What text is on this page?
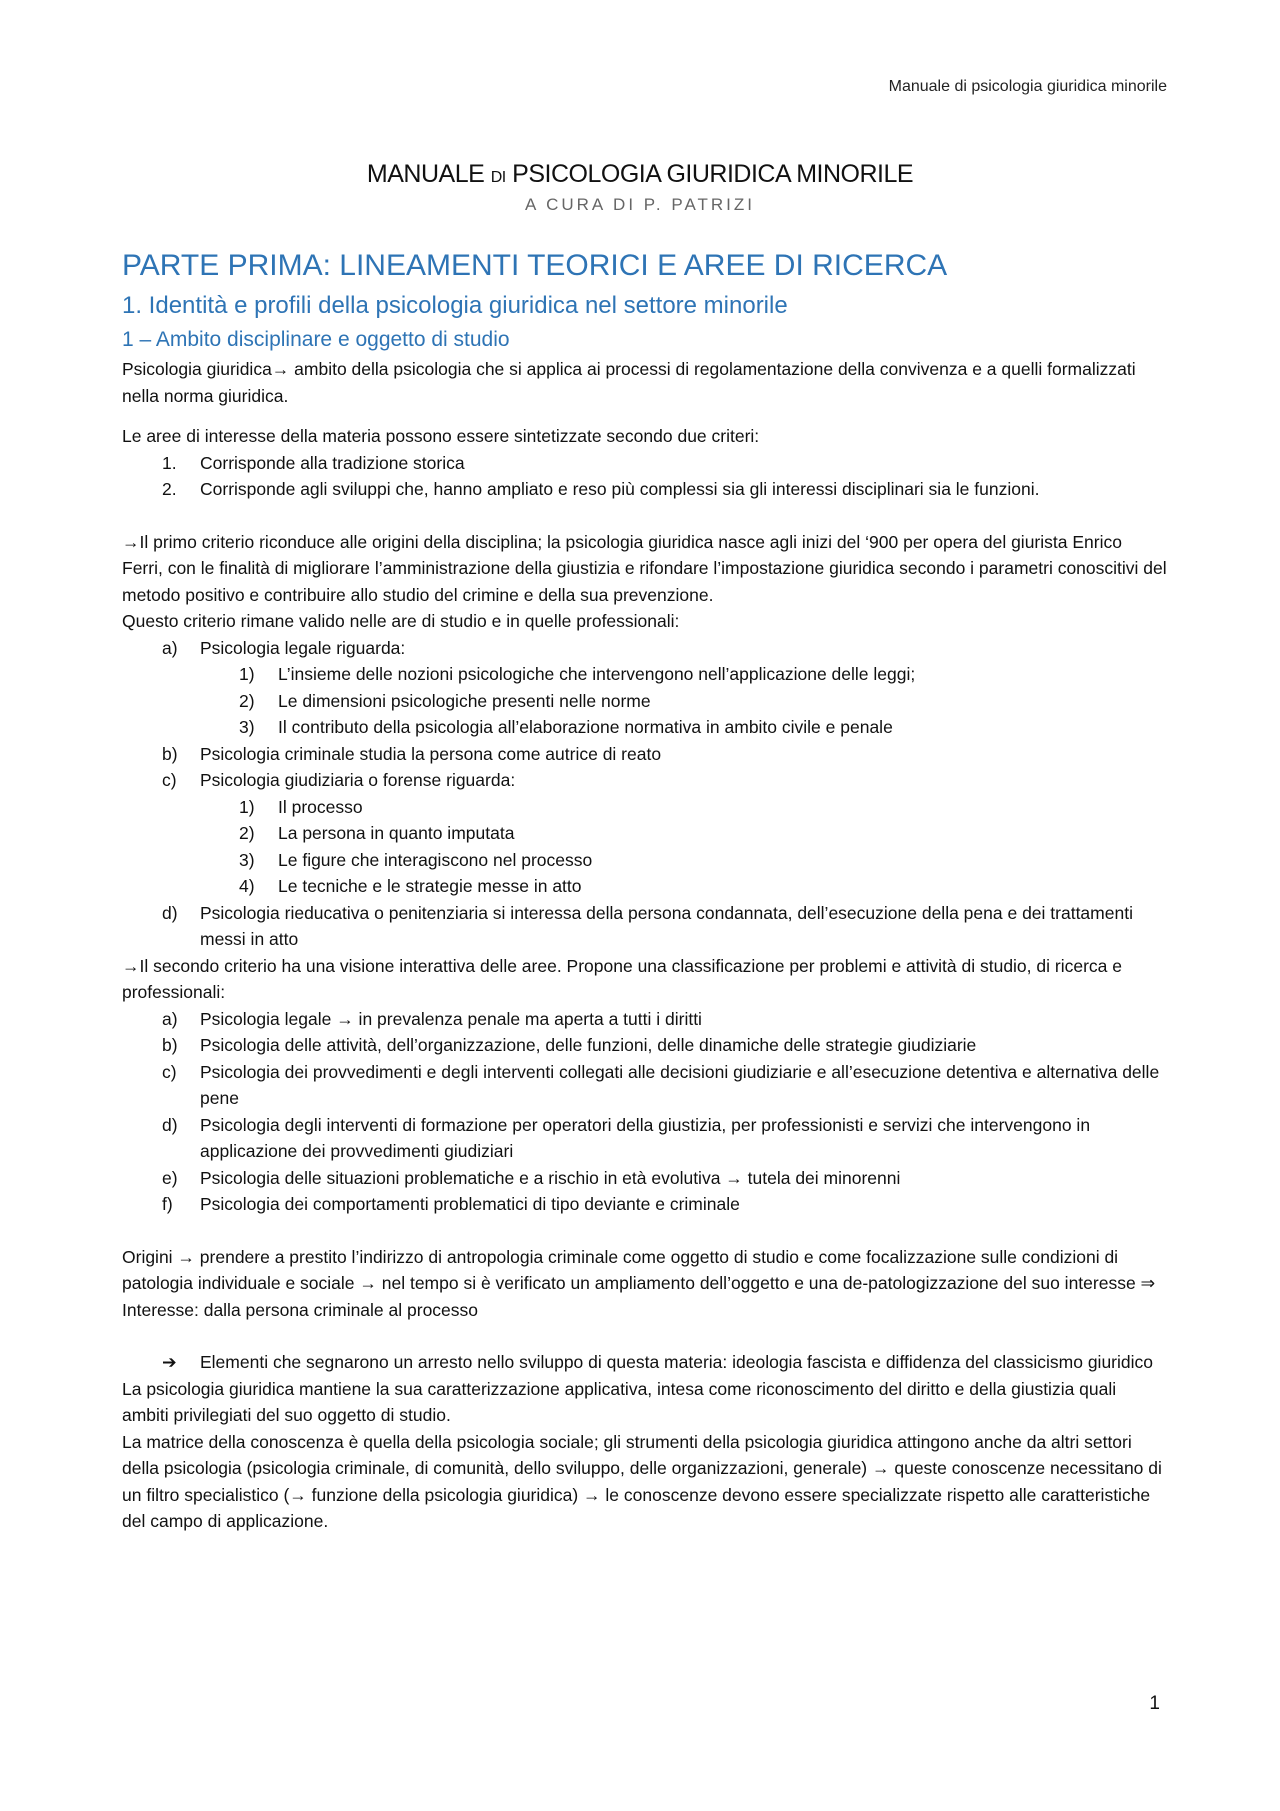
Manuale di psicologia giuridica minorile
MANUALE DI PSICOLOGIA GIURIDICA MINORILE
A CURA DI P. PATRIZI
PARTE PRIMA: LINEAMENTI TEORICI E AREE DI RICERCA
1. Identità e profili della psicologia giuridica nel settore minorile
1 – Ambito disciplinare e oggetto di studio

Psicologia giuridica→ ambito della psicologia che si applica ai processi di regolamentazione della convivenza e a quelli formalizzati nella norma giuridica.

Le aree di interesse della materia possono essere sintetizzate secondo due criteri:

1.	Corrisponde alla tradizione storica
2.	Corrisponde agli sviluppi che, hanno ampliato e reso più complessi sia gli interessi disciplinari sia le funzioni.

→Il primo criterio riconduce alle origini della disciplina; la psicologia giuridica nasce agli inizi del ‘900 per opera del giurista Enrico Ferri, con le finalità di migliorare l’amministrazione della giustizia e rifondare l’impostazione giuridica secondo i parametri conoscitivi del metodo positivo e contribuire allo studio del crimine e della sua prevenzione.

Questo criterio rimane valido nelle are di studio e in quelle professionali:

a)	Psicologia legale riguarda:
1)	L’insieme delle nozioni psicologiche che intervengono nell’applicazione delle leggi;
2)	Le dimensioni psicologiche presenti nelle norme
3)	Il contributo della psicologia all’elaborazione normativa in ambito civile e penale
b)	Psicologia criminale studia la persona come autrice di reato
c)	Psicologia giudiziaria o forense riguarda:
1)	Il processo
2)	La persona in quanto imputata
3)	Le figure che interagiscono nel processo
4)	Le tecniche e le strategie messe in atto
d)	Psicologia rieducativa o penitenziaria si interessa della persona condannata, dell’esecuzione della pena e dei trattamenti messi in atto

→Il secondo criterio ha una visione interattiva delle aree. Propone una classificazione per problemi e attività di studio, di ricerca e professionali:

a)	Psicologia legale → in prevalenza penale ma aperta a tutti i diritti
b)	Psicologia delle attività, dell’organizzazione, delle funzioni, delle dinamiche delle strategie giudiziarie
c)	Psicologia dei provvedimenti e degli interventi collegati alle decisioni giudiziarie e all’esecuzione detentiva e alternativa delle pene
d)	Psicologia degli interventi di formazione per operatori della giustizia, per professionisti e servizi che intervengono in applicazione dei provvedimenti giudiziari
e)	Psicologia delle situazioni problematiche e a rischio in età evolutiva → tutela dei minorenni
f)	Psicologia dei comportamenti problematici di tipo deviante e criminale

Origini → prendere a prestito l’indirizzo di antropologia criminale come oggetto di studio e come focalizzazione sulle condizioni di patologia individuale e sociale → nel tempo si è verificato un ampliamento dell’oggetto e una de-patologizzazione del suo interesse ⇒ Interesse: dalla persona criminale al processo

➔ Elementi che segnarono un arresto nello sviluppo di questa materia: ideologia fascista e diffidenza del classicismo giuridico

La psicologia giuridica mantiene la sua caratterizzazione applicativa, intesa come riconoscimento del diritto e della giustizia quali ambiti privilegiati del suo oggetto di studio.

La matrice della conoscenza è quella della psicologia sociale; gli strumenti della psicologia giuridica attingono anche da altri settori della psicologia (psicologia criminale, di comunità, dello sviluppo, delle organizzazioni, generale) → queste conoscenze necessitano di un filtro specialistico (→ funzione della psicologia giuridica) → le conoscenze devono essere specializzate rispetto alle caratteristiche del campo di applicazione.

1
